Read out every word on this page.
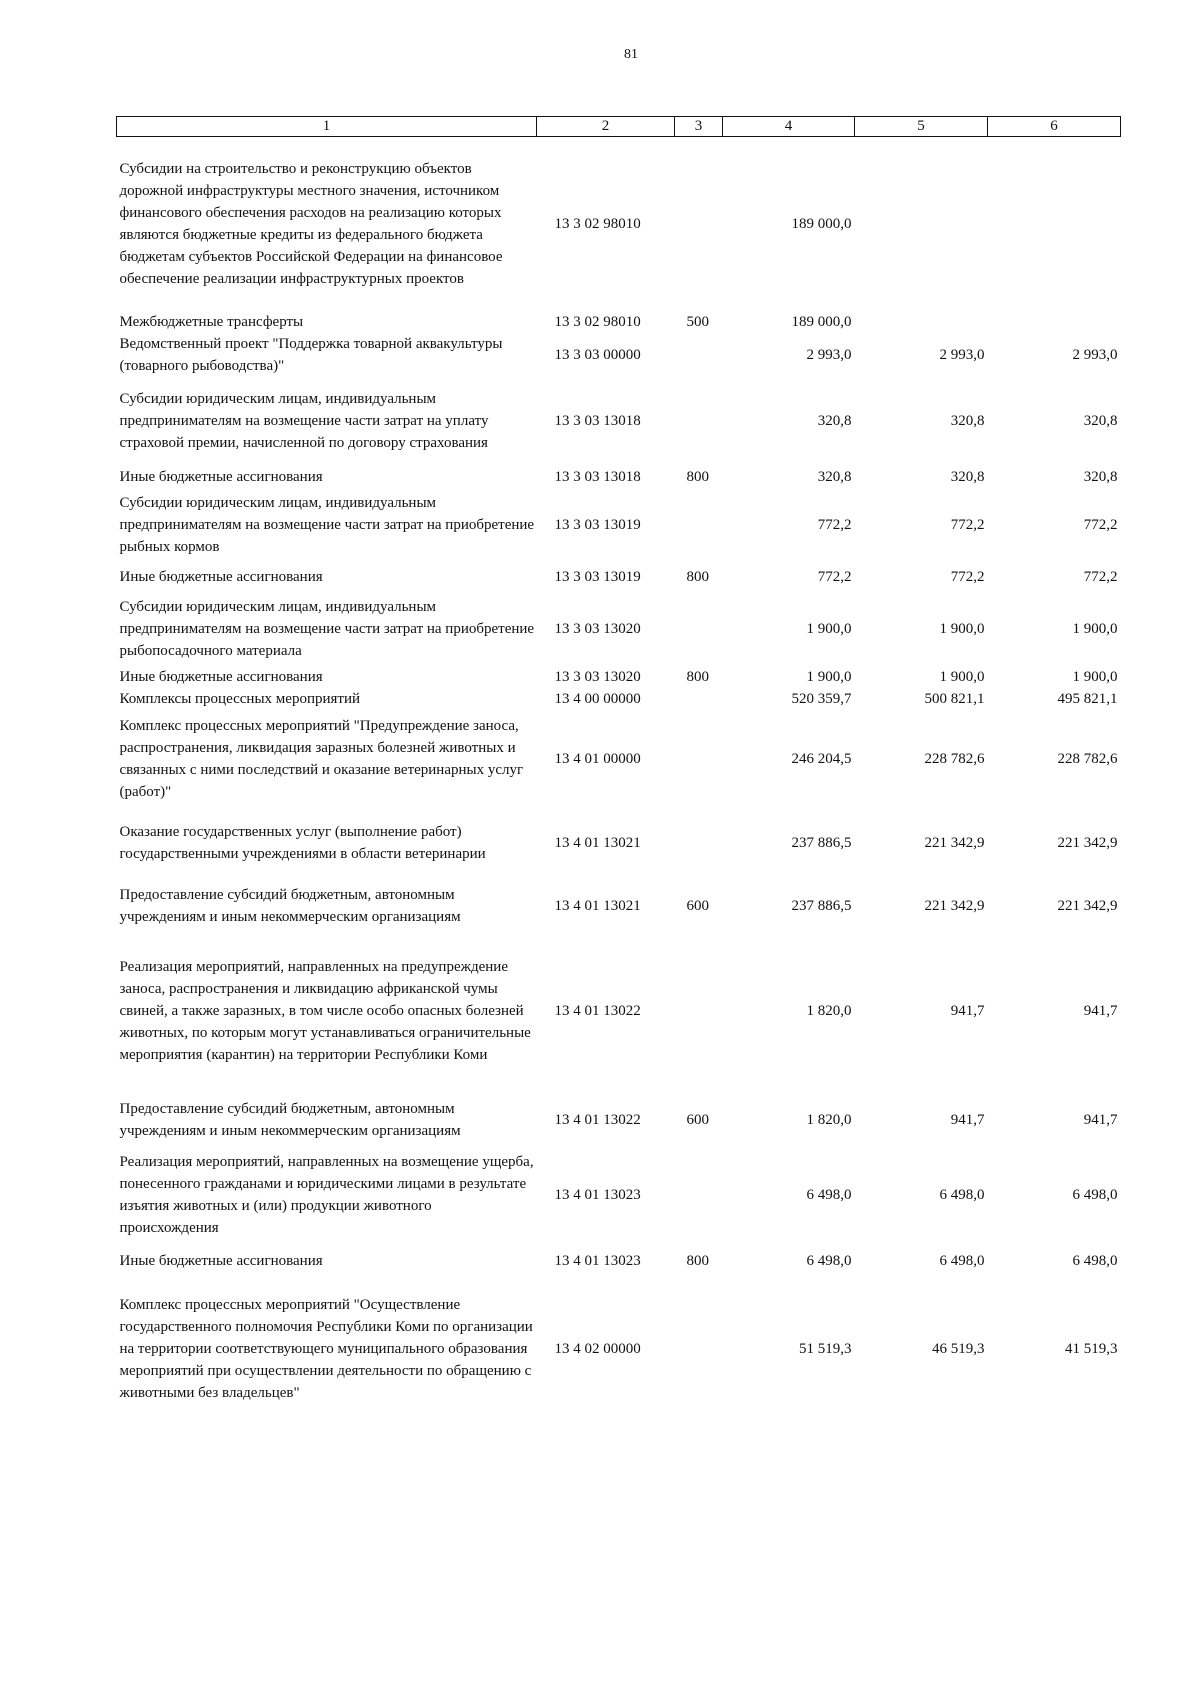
81
1	2	3	4	5	6
Субсидии на строительство и реконструкцию объектов дорожной инфраструктуры местного значения, источником финансового обеспечения расходов на реализацию которых являются бюджетные кредиты из федерального бюджета бюджетам субъектов Российской Федерации на финансовое обеспечение реализации инфраструктурных проектов	13 3 02 98010		189 000,0		
Межбюджетные трансферты	13 3 02 98010	500	189 000,0		
Ведомственный проект "Поддержка товарной аквакультуры (товарного рыбоводства)"	13 3 03 00000		2 993,0	2 993,0	2 993,0
Субсидии юридическим лицам, индивидуальным предпринимателям на возмещение части затрат на уплату страховой премии, начисленной по договору страхования	13 3 03 13018		320,8	320,8	320,8
Иные бюджетные ассигнования	13 3 03 13018	800	320,8	320,8	320,8
Субсидии юридическим лицам, индивидуальным предпринимателям на возмещение части затрат на приобретение рыбных кормов	13 3 03 13019		772,2	772,2	772,2
Иные бюджетные ассигнования	13 3 03 13019	800	772,2	772,2	772,2
Субсидии юридическим лицам, индивидуальным предпринимателям на возмещение части затрат на приобретение рыбопосадочного материала	13 3 03 13020		1 900,0	1 900,0	1 900,0
Иные бюджетные ассигнования	13 3 03 13020	800	1 900,0	1 900,0	1 900,0
Комплексы процессных мероприятий	13 4 00 00000		520 359,7	500 821,1	495 821,1
Комплекс процессных мероприятий "Предупреждение заноса, распространения, ликвидация заразных болезней животных и связанных с ними последствий и оказание ветеринарных услуг (работ)"	13 4 01 00000		246 204,5	228 782,6	228 782,6
Оказание государственных услуг (выполнение работ) государственными учреждениями в области ветеринарии	13 4 01 13021		237 886,5	221 342,9	221 342,9
Предоставление субсидий бюджетным, автономным учреждениям и иным некоммерческим организациям	13 4 01 13021	600	237 886,5	221 342,9	221 342,9
Реализация мероприятий, направленных на предупреждение заноса, распространения и ликвидацию африканской чумы свиней, а также заразных, в том числе особо опасных болезней животных, по которым могут устанавливаться ограничительные мероприятия (карантин) на территории Республики Коми	13 4 01 13022		1 820,0	941,7	941,7
Предоставление субсидий бюджетным, автономным учреждениям и иным некоммерческим организациям	13 4 01 13022	600	1 820,0	941,7	941,7
Реализация мероприятий, направленных на возмещение ущерба, понесенного гражданами и юридическими лицами в результате изъятия животных и (или) продукции животного происхождения	13 4 01 13023		6 498,0	6 498,0	6 498,0
Иные бюджетные ассигнования	13 4 01 13023	800	6 498,0	6 498,0	6 498,0
Комплекс процессных мероприятий "Осуществление государственного полномочия Республики Коми по организации на территории соответствующего муниципального образования мероприятий при осуществлении деятельности по обращению с животными без владельцев"	13 4 02 00000		51 519,3	46 519,3	41 519,3
